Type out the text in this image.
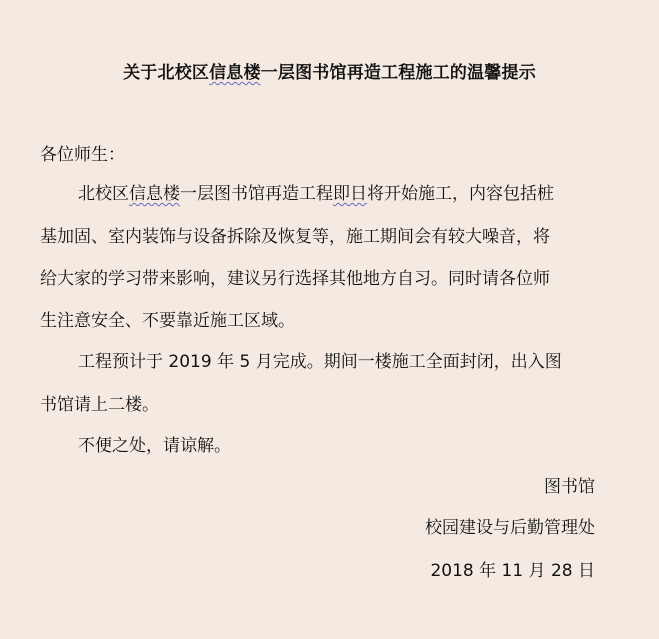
关于北校区信息楼一层图书馆再造工程施工的温馨提示
各位师生：
北校区信息楼一层图书馆再造工程即日将开始施工，内容包括桩
基加固、室内装饰与设备拆除及恢复等，施工期间会有较大噪音，将
给大家的学习带来影响，建议另行选择其他地方自习。同时请各位师
生注意安全、不要靠近施工区域。
工程预计于 2019 年 5 月完成。期间一楼施工全面封闭，出入图
书馆请上二楼。
不便之处，请谅解。
图书馆
校园建设与后勤管理处
2018 年 11 月 28 日
